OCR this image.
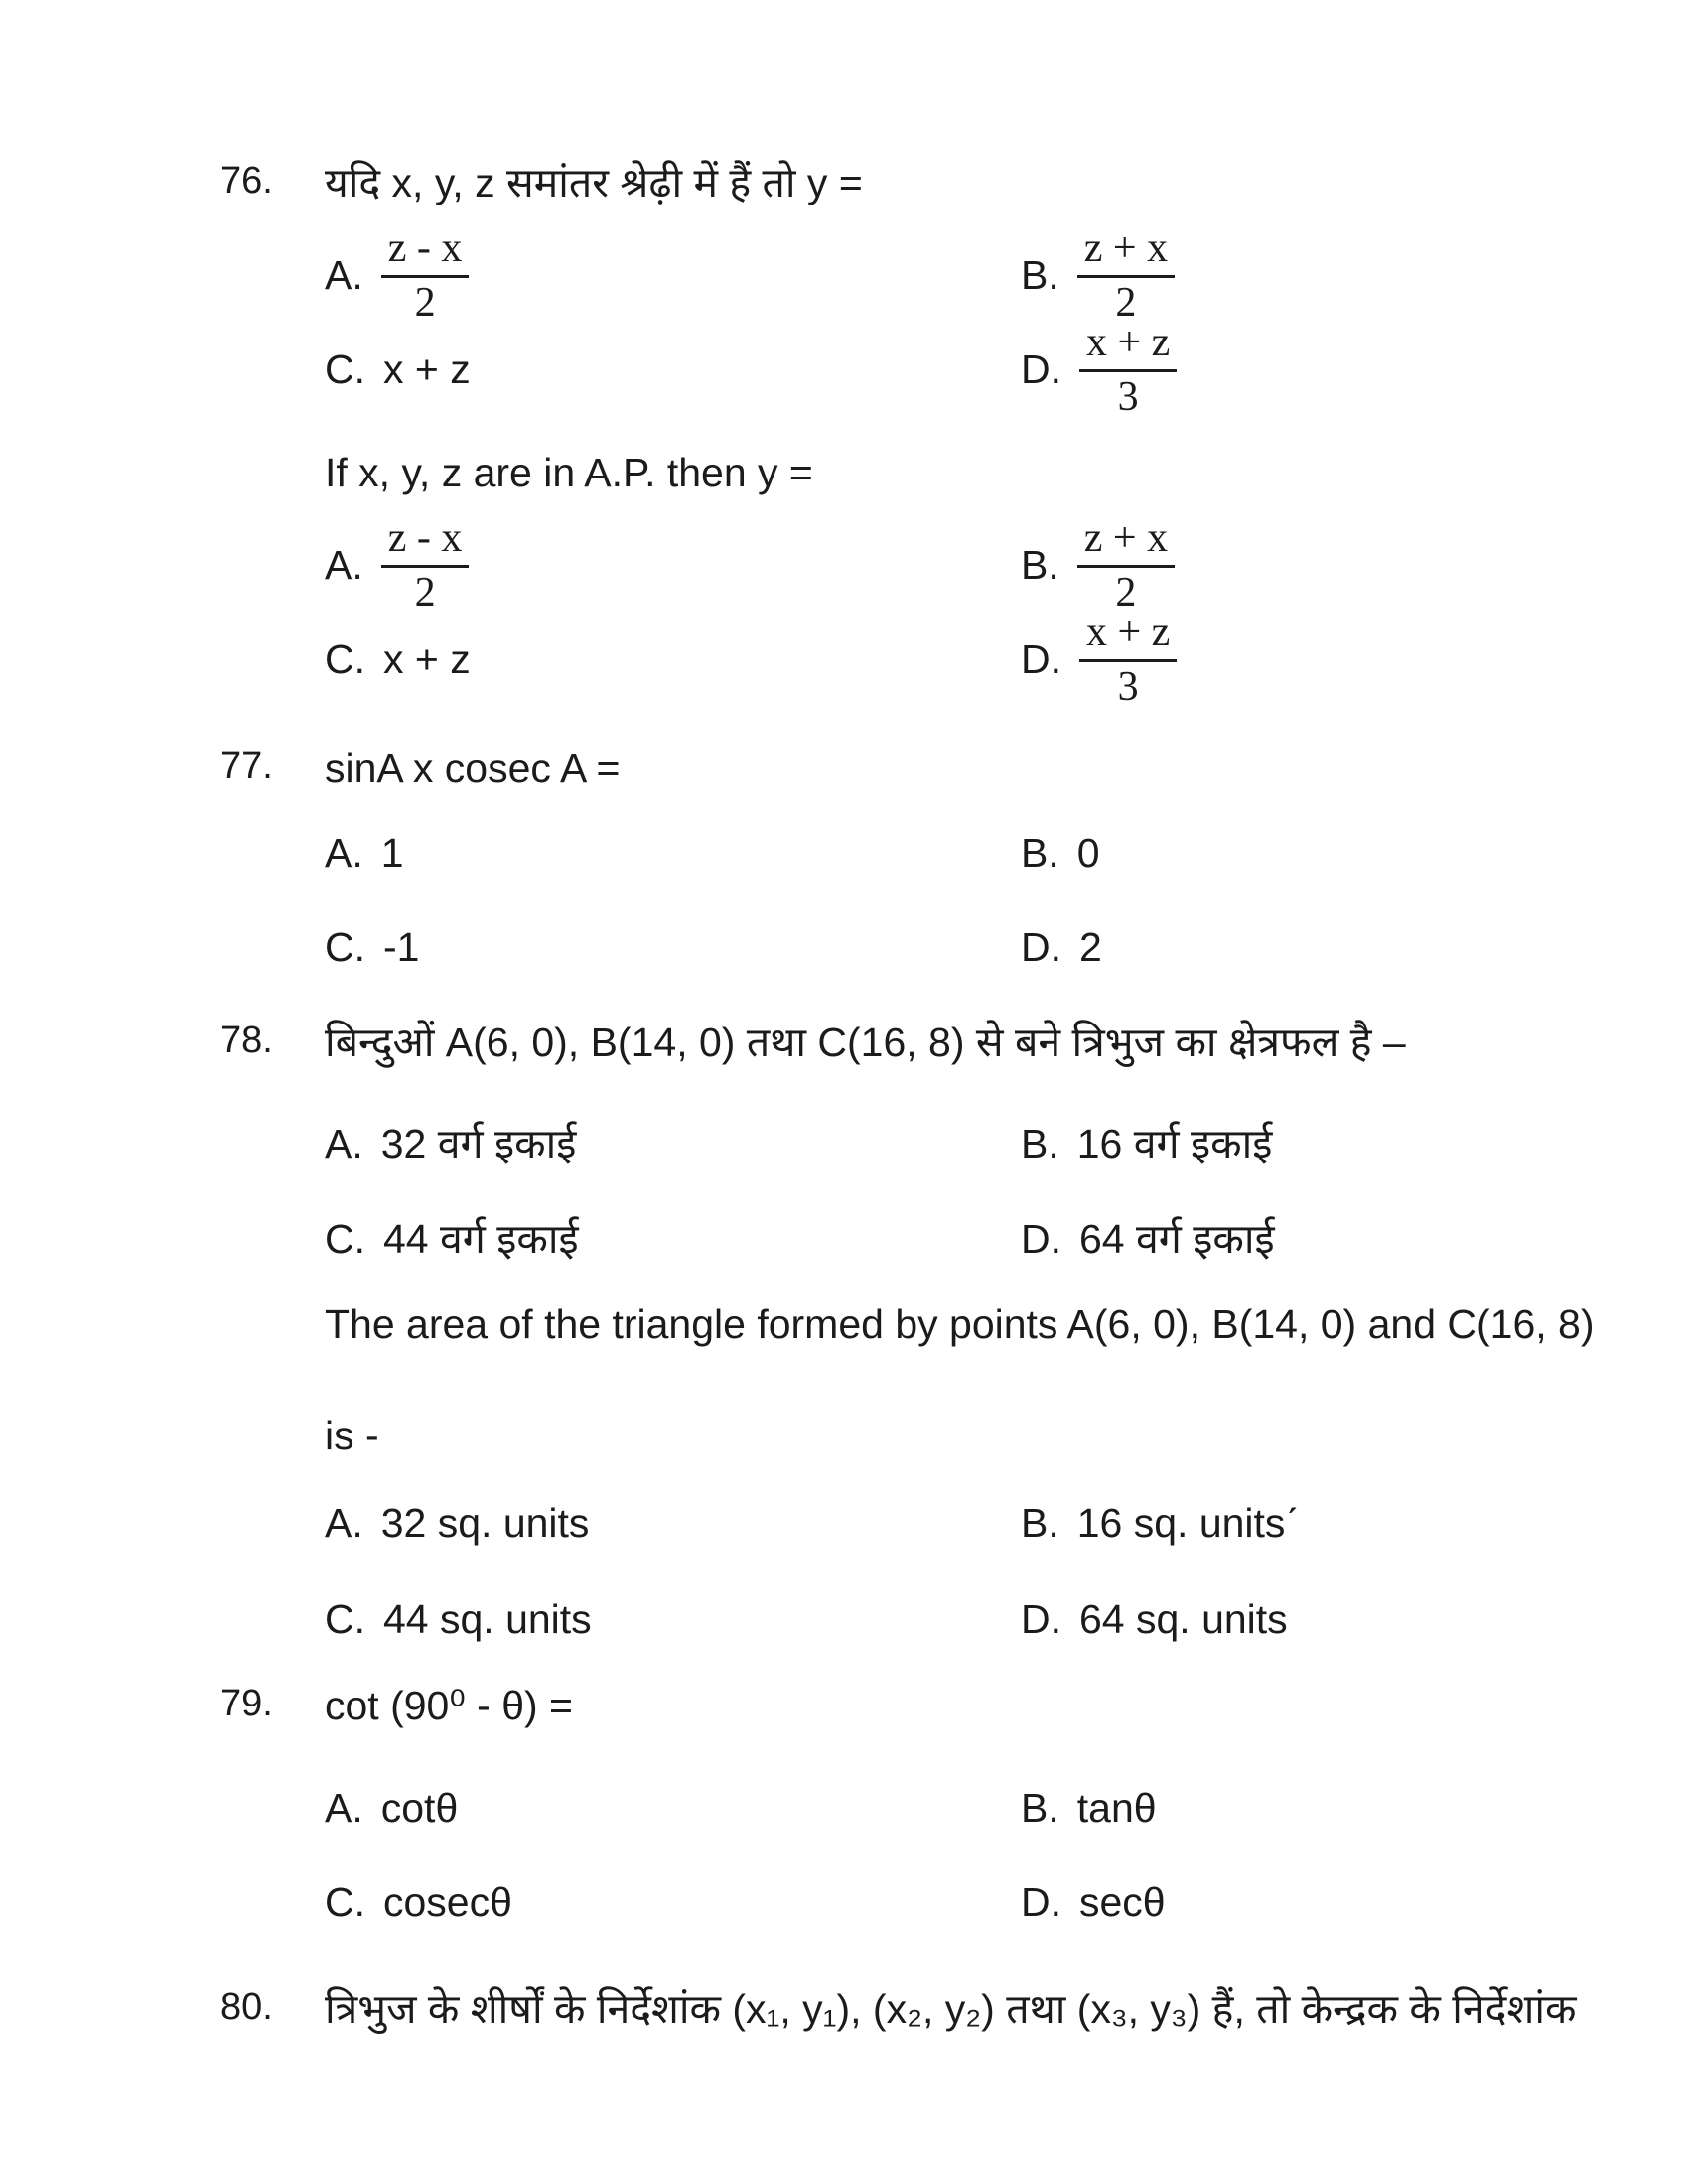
76.	यदि x, y, z समांतर श्रेढ़ी में हैं तो y =
A. $\frac{z - x}{2}$	B. $\frac{z + x}{2}$
C. x + z	D. $\frac{x + z}{3}$
If x, y, z are in A.P. then y =
A. $\frac{z - x}{2}$	B. $\frac{z + x}{2}$
C. x + z	D. $\frac{x + z}{3}$
77.	sinA x cosec A =
A. 1	B. 0
C. -1	D. 2
78.	बिन्दुओं A(6, 0), B(14, 0) तथा C(16, 8) से बने त्रिभुज का क्षेत्रफल है –
A. 32 वर्ग इकाई	B. 16 वर्ग इकाई
C. 44 वर्ग इकाई	D. 64 वर्ग इकाई
The area of the triangle formed by points A(6, 0), B(14, 0) and C(16, 8)
is -
A. 32 sq. units	B. 16 sq. unitsˊ
C. 44 sq. units	D. 64 sq. units
79.	cot (90⁰ - θ) =
A. cotθ	B. tanθ
C. cosecθ	D. secθ
80.	त्रिभुज के शीर्षों के निर्देशांक (x₁, y₁), (x₂, y₂) तथा (x₃, y₃) हैं, तो केन्द्रक के निर्देशांक
